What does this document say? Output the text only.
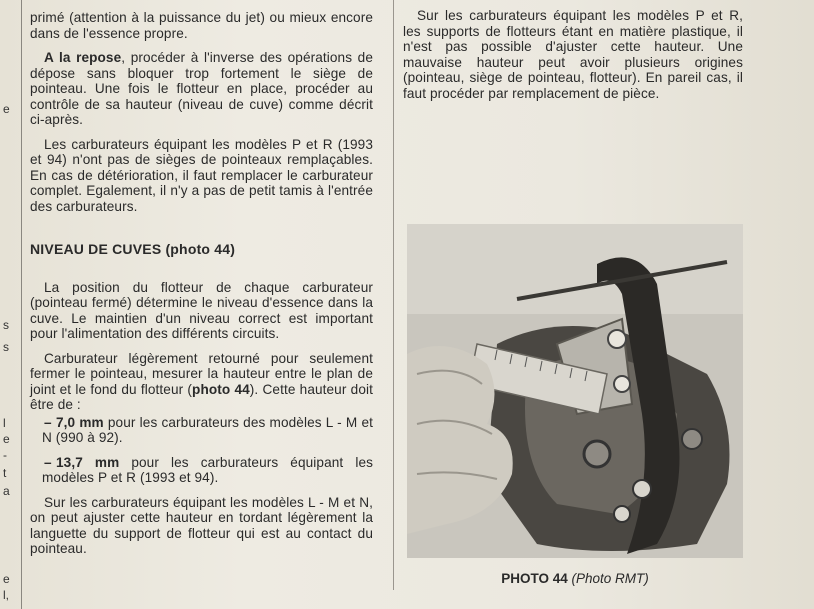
e
s
s
l
e
-
t
a
e
l,

primé (attention à la puissance du jet) ou mieux encore dans de l'essence propre.

A la repose, procéder à l'inverse des opérations de dépose sans bloquer trop fortement le siège de pointeau. Une fois le flotteur en place, procéder au contrôle de sa hauteur (niveau de cuve) comme décrit ci-après.

Les carburateurs équipant les modèles P et R (1993 et 94) n'ont pas de sièges de pointeaux remplaçables. En cas de détérioration, il faut remplacer le carburateur complet. Egalement, il n'y a pas de petit tamis à l'entrée des carburateurs.

NIVEAU DE CUVES (photo 44)

La position du flotteur de chaque carburateur (pointeau fermé) détermine le niveau d'essence dans la cuve. Le maintien d'un niveau correct est important pour l'alimentation des différents circuits.

Carburateur légèrement retourné pour seulement fermer le pointeau, mesurer la hauteur entre le plan de joint et le fond du flotteur (photo 44). Cette hauteur doit être de :

– 7,0 mm pour les carburateurs des modèles L - M et N (990 à 92).

– 13,7 mm pour les carburateurs équipant les modèles P et R (1993 et 94).

Sur les carburateurs équipant les modèles L - M et N, on peut ajuster cette hauteur en tordant légèrement la languette du support de flotteur qui est au contact du pointeau.

Sur les carburateurs équipant les modèles P et R, les supports de flotteurs étant en matière plastique, il n'est pas possible d'ajuster cette hauteur. Une mauvaise hauteur peut avoir plusieurs origines (pointeau, siège de pointeau, flotteur). En pareil cas, il faut procéder par remplacement de pièce.

PHOTO 44 (Photo RMT)
